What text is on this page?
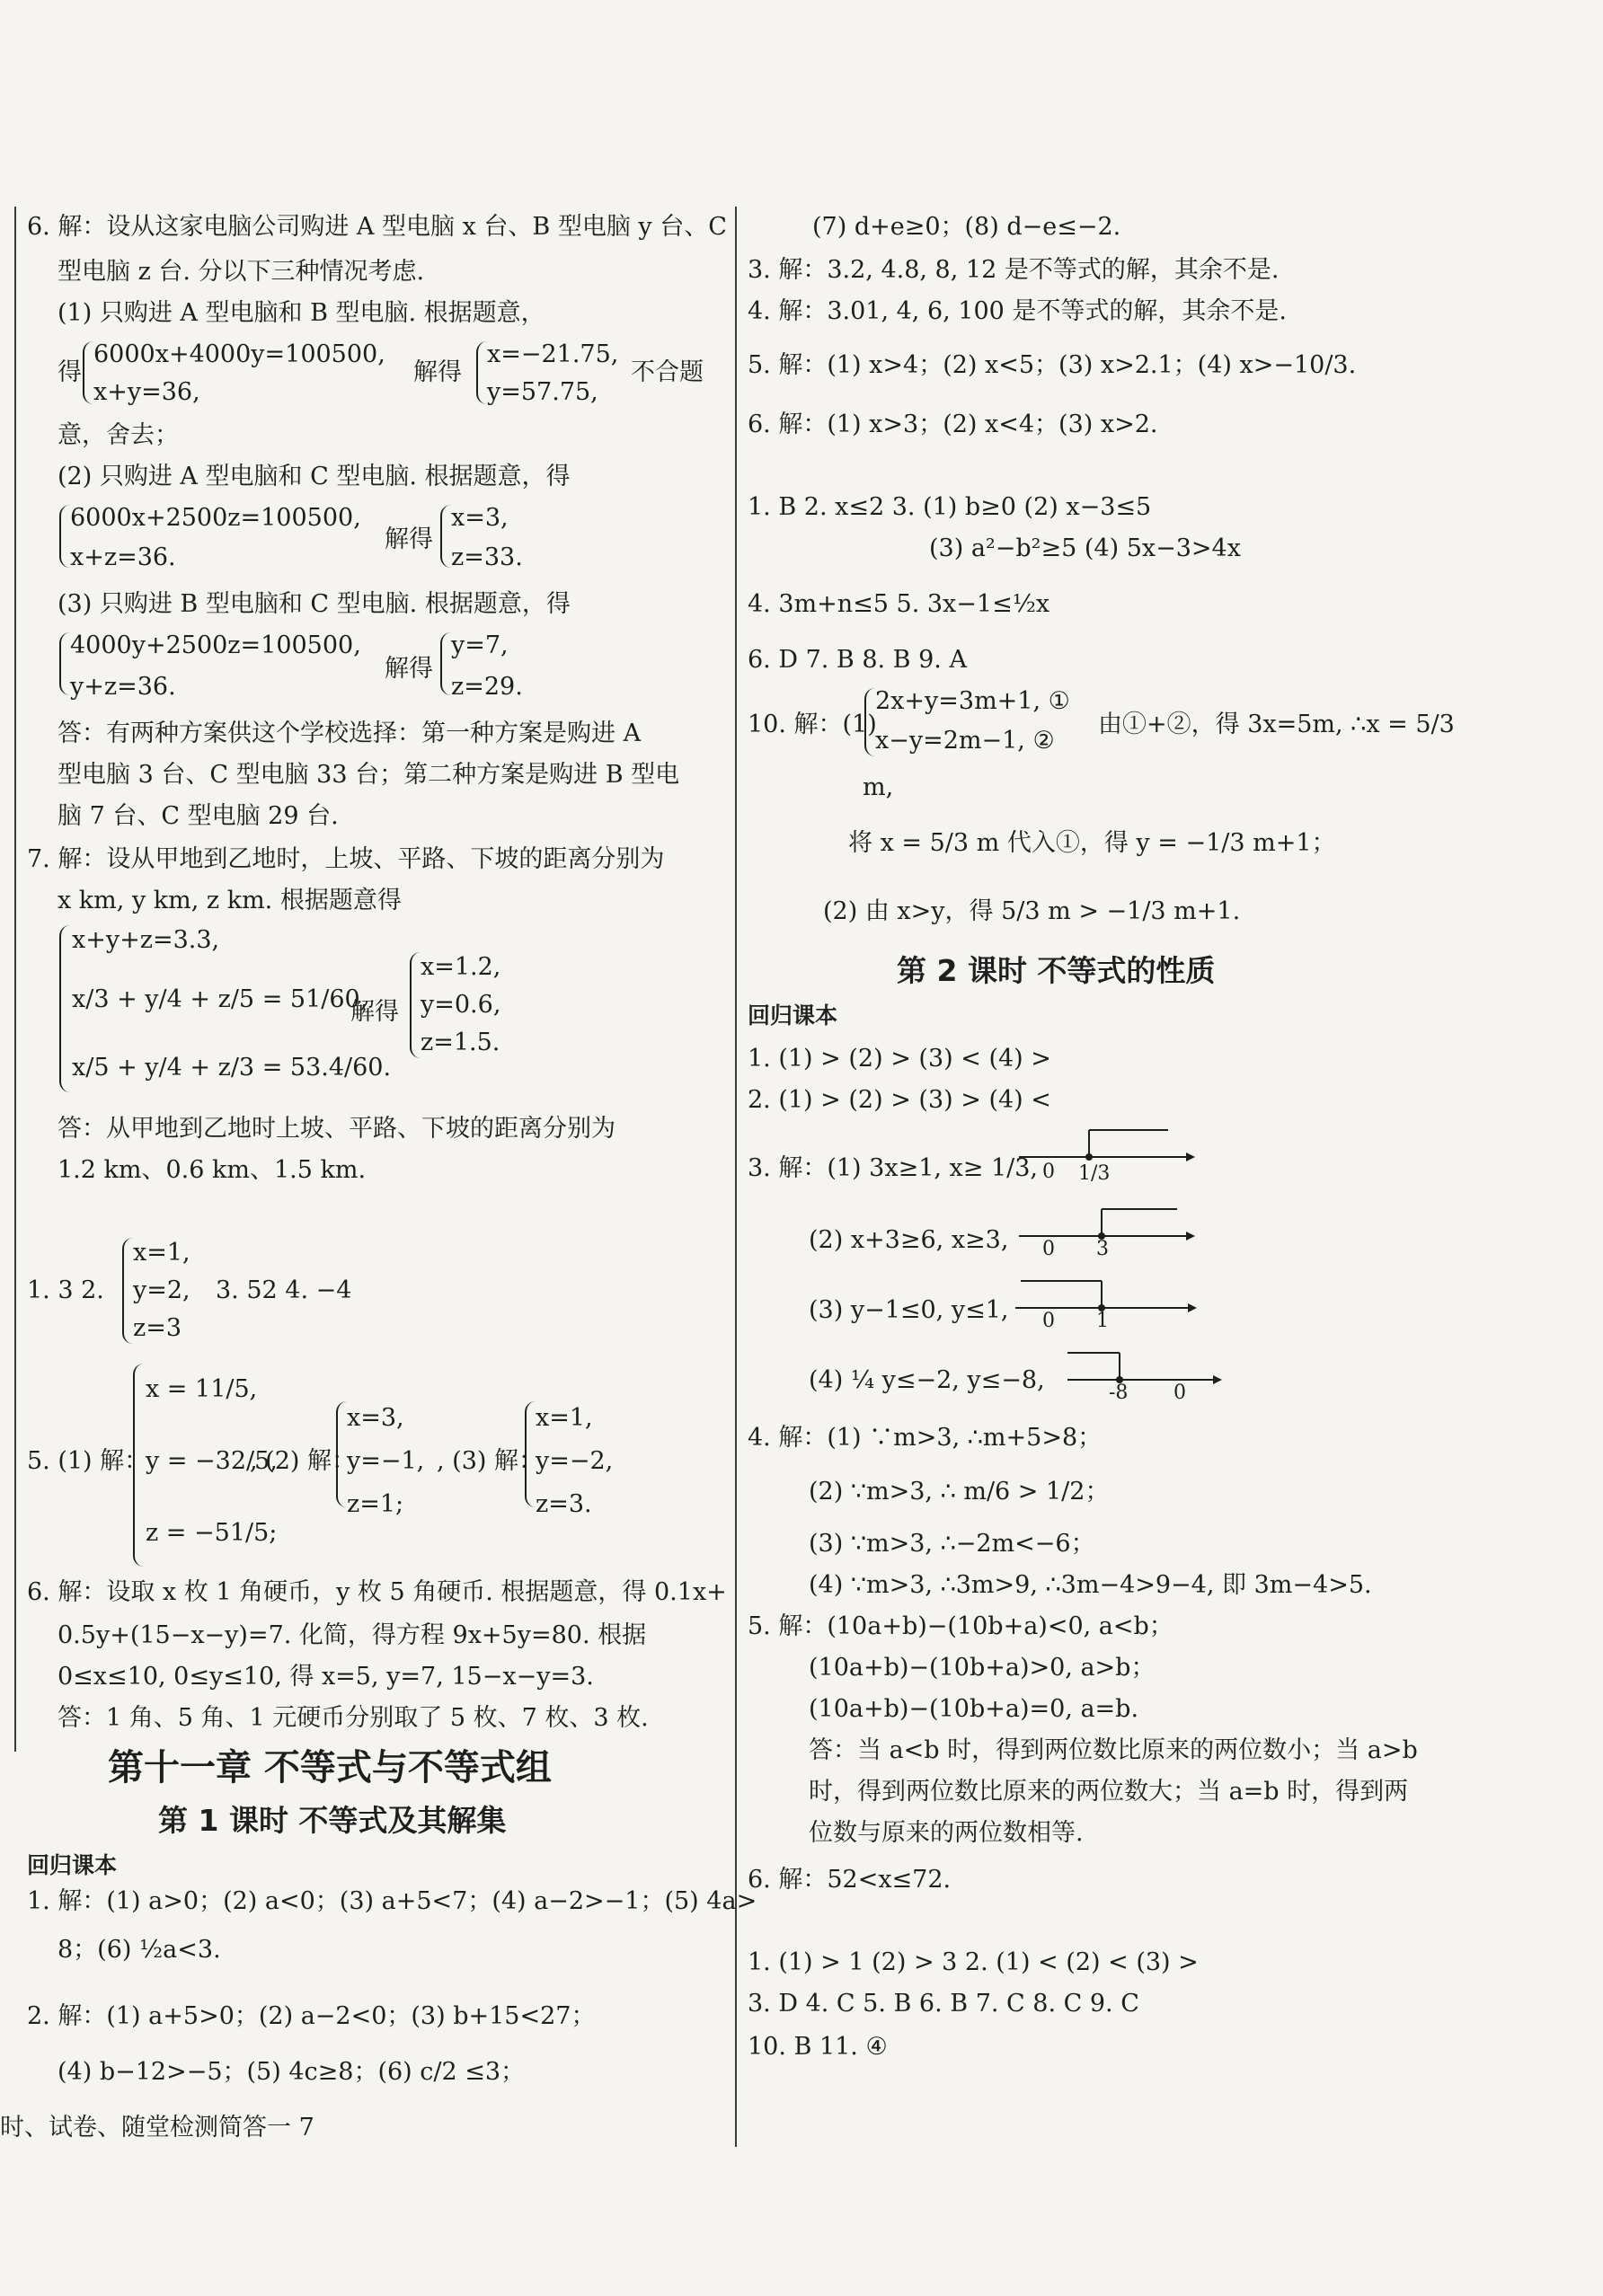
6. 解：设从这家电脑公司购进 A 型电脑 x 台、B 型电脑 y 台、C
型电脑 z 台. 分以下三种情况考虑.
(1) 只购进 A 型电脑和 B 型电脑. 根据题意，
得
6000x+4000y=100500,
x+y=36,
解得
x=−21.75,
y=57.75,
不合题
意，舍去；
(2) 只购进 A 型电脑和 C 型电脑. 根据题意，得
6000x+2500z=100500,
x+z=36.
解得
x=3,
z=33.
(3) 只购进 B 型电脑和 C 型电脑. 根据题意，得
4000y+2500z=100500,
y+z=36.
解得
y=7,
z=29.
答：有两种方案供这个学校选择：第一种方案是购进 A
型电脑 3 台、C 型电脑 33 台；第二种方案是购进 B 型电
脑 7 台、C 型电脑 29 台.
7. 解：设从甲地到乙地时，上坡、平路、下坡的距离分别为
x km, y km, z km. 根据题意得
x+y+z=3.3,
x/3 + y/4 + z/5 = 51/60,
x/5 + y/4 + z/3 = 53.4/60.
解得
x=1.2,
y=0.6,
z=1.5.
答：从甲地到乙地时上坡、平路、下坡的距离分别为
1.2 km、0.6 km、1.5 km.
1. 3 2.
x=1,
y=2,
z=3
3. 52 4. −4
5. (1) 解：
x = 11/5,
y = −32/5,
z = −51/5;
, (2) 解：
x=3,
y=−1,
z=1;
, (3) 解：
x=1,
y=−2,
z=3.
6. 解：设取 x 枚 1 角硬币，y 枚 5 角硬币. 根据题意，得 0.1x+
0.5y+(15−x−y)=7. 化简，得方程 9x+5y=80. 根据
0≤x≤10, 0≤y≤10, 得 x=5, y=7, 15−x−y=3.
答：1 角、5 角、1 元硬币分别取了 5 枚、7 枚、3 枚.
第十一章 不等式与不等式组
第 1 课时 不等式及其解集
回归课本
1. 解：(1) a>0；(2) a<0；(3) a+5<7；(4) a−2>−1；(5) 4a>
8；(6) ½a<3.
2. 解：(1) a+5>0；(2) a−2<0；(3) b+15<27；
(4) b−12>−5；(5) 4c≥8；(6) c/2 ≤3；
时、试卷、随堂检测简答一 7
(7) d+e≥0；(8) d−e≤−2.
3. 解：3.2, 4.8, 8, 12 是不等式的解，其余不是.
4. 解：3.01, 4, 6, 100 是不等式的解，其余不是.
5. 解：(1) x>4；(2) x<5；(3) x>2.1；(4) x>−10/3.
6. 解：(1) x>3；(2) x<4；(3) x>2.
1. B 2. x≤2 3. (1) b≥0 (2) x−3≤5
(3) a²−b²≥5 (4) 5x−3>4x
4. 3m+n≤5 5. 3x−1≤½x
6. D 7. B 8. B 9. A
10. 解：(1)
2x+y=3m+1, ①
x−y=2m−1, ②
由①+②，得 3x=5m, ∴x = 5/3
m,
将 x = 5/3 m 代入①，得 y = −1/3 m+1；
(2) 由 x>y，得 5/3 m > −1/3 m+1.
第 2 课时 不等式的性质
回归课本
1. (1) > (2) > (3) < (4) >
2. (1) > (2) > (3) > (4) <
3. 解：(1) 3x≥1, x≥ 1/3, 0 1/3
(2) x+3≥6, x≥3, 0 3
(3) y−1≤0, y≤1, 0 1
(4) ¼ y≤−2, y≤−8,	-8 0
4. 解：(1) ∵m>3, ∴m+5>8；
(2) ∵m>3, ∴ m/6 > 1/2；
(3) ∵m>3, ∴−2m<−6；
(4) ∵m>3, ∴3m>9, ∴3m−4>9−4, 即 3m−4>5.
5. 解：(10a+b)−(10b+a)<0, a<b；
(10a+b)−(10b+a)>0, a>b；
(10a+b)−(10b+a)=0, a=b.
答：当 a<b 时，得到两位数比原来的两位数小；当 a>b
时，得到两位数比原来的两位数大；当 a=b 时，得到两
位数与原来的两位数相等.
6. 解：52<x≤72.
1. (1) > 1 (2) > 3 2. (1) < (2) < (3) >
3. D 4. C 5. B 6. B 7. C 8. C 9. C
10. B 11. ④
